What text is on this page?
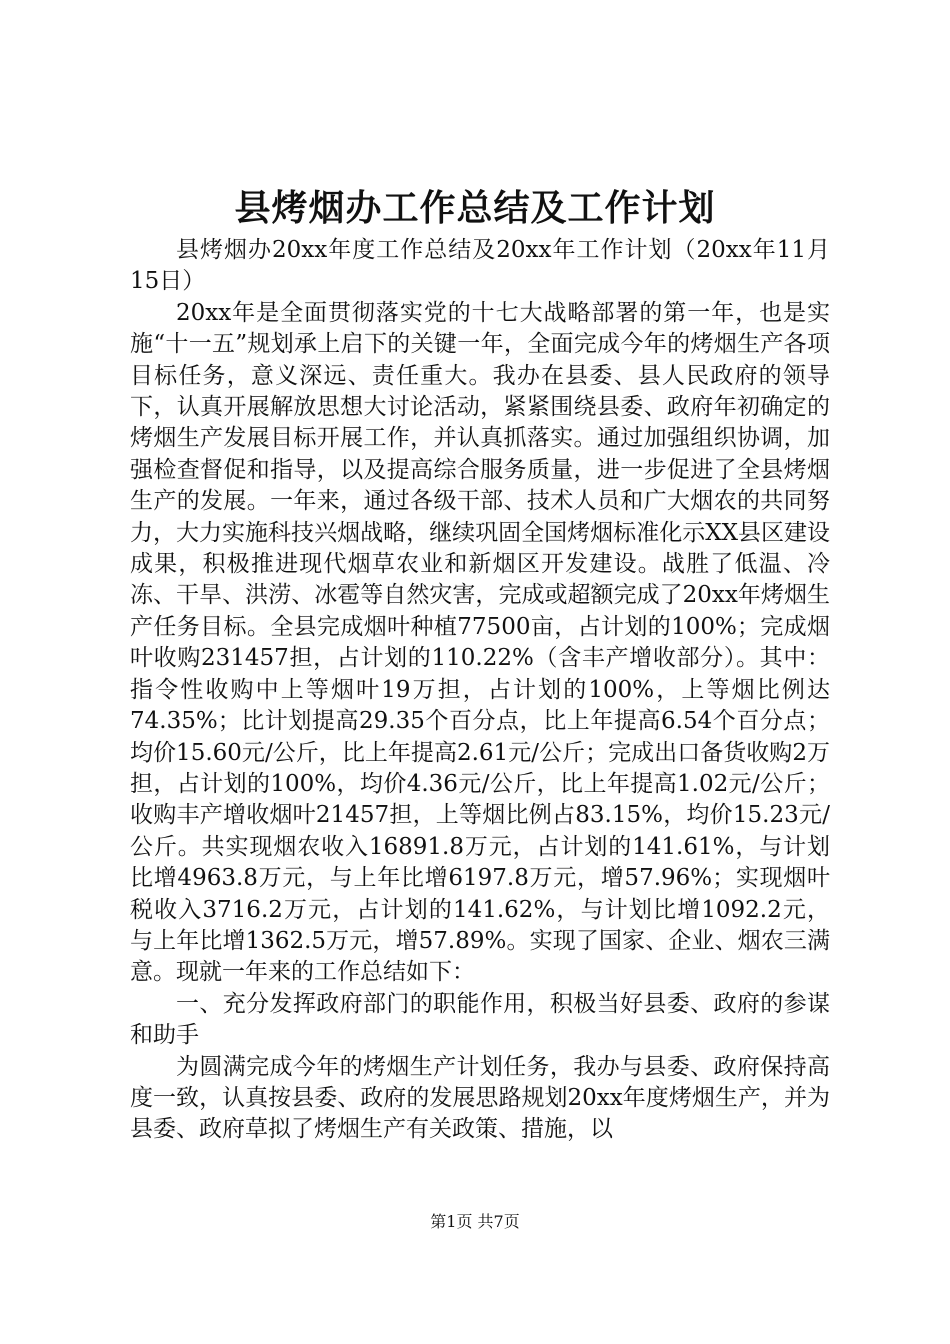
县烤烟办工作总结及工作计划

县烤烟办20xx年度工作总结及20xx年工作计划（20xx年11月15日）

20xx年是全面贯彻落实党的十七大战略部署的第一年，也是实施“十一五”规划承上启下的关键一年，全面完成今年的烤烟生产各项目标任务，意义深远、责任重大。我办在县委、县人民政府的领导下，认真开展解放思想大讨论活动，紧紧围绕县委、政府年初确定的烤烟生产发展目标开展工作，并认真抓落实。通过加强组织协调，加强检查督促和指导，以及提高综合服务质量，进一步促进了全县烤烟生产的发展。一年来，通过各级干部、技术人员和广大烟农的共同努力，大力实施科技兴烟战略，继续巩固全国烤烟标准化示XX县区建设成果，积极推进现代烟草农业和新烟区开发建设。战胜了低温、冷冻、干旱、洪涝、冰雹等自然灾害，完成或超额完成了20xx年烤烟生产任务目标。全县完成烟叶种植77500亩，占计划的100%；完成烟叶收购231457担，占计划的110.22%（含丰产增收部分）。其中：指令性收购中上等烟叶19万担，占计划的100%，上等烟比例达74.35%；比计划提高29.35个百分点，比上年提高6.54个百分点；均价15.60元/公斤，比上年提高2.61元/公斤；完成出口备货收购2万担，占计划的100%，均价4.36元/公斤，比上年提高1.02元/公斤；收购丰产增收烟叶21457担，上等烟比例占83.15%，均价15.23元/公斤。共实现烟农收入16891.8万元，占计划的141.61%，与计划比增4963.8万元，与上年比增6197.8万元，增57.96%；实现烟叶税收入3716.2万元，占计划的141.62%，与计划比增1092.2元，与上年比增1362.5万元，增57.89%。实现了国家、企业、烟农三满意。现就一年来的工作总结如下：

一、充分发挥政府部门的职能作用，积极当好县委、政府的参谋和助手

为圆满完成今年的烤烟生产计划任务，我办与县委、政府保持高度一致，认真按县委、政府的发展思路规划20xx年度烤烟生产，并为县委、政府草拟了烤烟生产有关政策、措施，以

第1页 共7页
